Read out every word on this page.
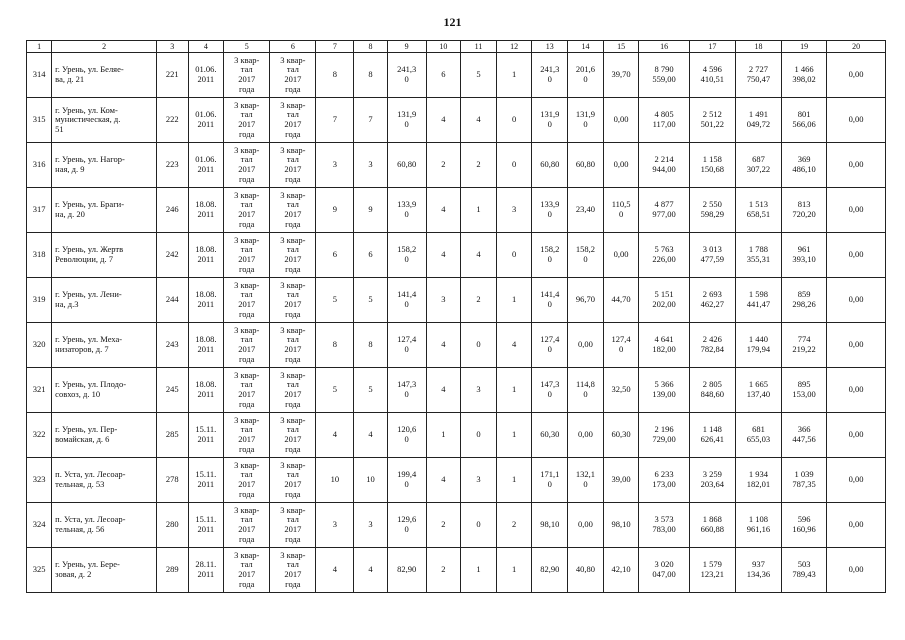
121
1	2	3	4	5	6	7	8	9	10	11	12	13	14	15	16	17	18	19	20
314	г. Урень, ул. Беляе-
ва, д. 21	221	01.06.
2011	3 квар-
тал
2017
года	3 квар-
тал
2017
года	8	8	241,3
0	6	5	1	241,3
0	201,6
0	39,70	8 790
559,00	4 596
410,51	2 727
750,47	1 466
398,02	0,00
315	г. Урень, ул. Ком-
мунистическая, д.
51	222	01.06.
2011	3 квар-
тал
2017
года	3 квар-
тал
2017
года	7	7	131,9
0	4	4	0	131,9
0	131,9
0	0,00	4 805
117,00	2 512
501,22	1 491
049,72	801
566,06	0,00
316	г. Урень, ул. Нагор-
ная, д. 9	223	01.06.
2011	3 квар-
тал
2017
года	3 квар-
тал
2017
года	3	3	60,80	2	2	0	60,80	60,80	0,00	2 214
944,00	1 158
150,68	687
307,22	369
486,10	0,00
317	г. Урень, ул. Браги-
на, д. 20	246	18.08.
2011	3 квар-
тал
2017
года	3 квар-
тал
2017
года	9	9	133,9
0	4	1	3	133,9
0	23,40	110,5
0	4 877
977,00	2 550
598,29	1 513
658,51	813
720,20	0,00
318	г. Урень, ул. Жертв
Революции, д. 7	242	18.08.
2011	3 квар-
тал
2017
года	3 квар-
тал
2017
года	6	6	158,2
0	4	4	0	158,2
0	158,2
0	0,00	5 763
226,00	3 013
477,59	1 788
355,31	961
393,10	0,00
319	г. Урень, ул. Лени-
на, д.3	244	18.08.
2011	3 квар-
тал
2017
года	3 квар-
тал
2017
года	5	5	141,4
0	3	2	1	141,4
0	96,70	44,70	5 151
202,00	2 693
462,27	1 598
441,47	859
298,26	0,00
320	г. Урень, ул. Меха-
низаторов, д. 7	243	18.08.
2011	3 квар-
тал
2017
года	3 квар-
тал
2017
года	8	8	127,4
0	4	0	4	127,4
0	0,00	127,4
0	4 641
182,00	2 426
782,84	1 440
179,94	774
219,22	0,00
321	г. Урень, ул. Плодо-
совхоз, д. 10	245	18.08.
2011	3 квар-
тал
2017
года	3 квар-
тал
2017
года	5	5	147,3
0	4	3	1	147,3
0	114,8
0	32,50	5 366
139,00	2 805
848,60	1 665
137,40	895
153,00	0,00
322	г. Урень, ул. Пер-
вомайская, д. 6	285	15.11.
2011	3 квар-
тал
2017
года	3 квар-
тал
2017
года	4	4	120,6
0	1	0	1	60,30	0,00	60,30	2 196
729,00	1 148
626,41	681
655,03	366
447,56	0,00
323	п. Уста, ул. Лесоар-
тельная, д. 53	278	15.11.
2011	3 квар-
тал
2017
года	3 квар-
тал
2017
года	10	10	199,4
0	4	3	1	171,1
0	132,1
0	39,00	6 233
173,00	3 259
203,64	1 934
182,01	1 039
787,35	0,00
324	п. Уста, ул. Лесоар-
тельная, д. 56	280	15.11.
2011	3 квар-
тал
2017
года	3 квар-
тал
2017
года	3	3	129,6
0	2	0	2	98,10	0,00	98,10	3 573
783,00	1 868
660,88	1 108
961,16	596
160,96	0,00
325	г. Урень, ул. Бере-
зовая, д. 2	289	28.11.
2011	3 квар-
тал
2017
года	3 квар-
тал
2017
года	4	4	82,90	2	1	1	82,90	40,80	42,10	3 020
047,00	1 579
123,21	937
134,36	503
789,43	0,00
